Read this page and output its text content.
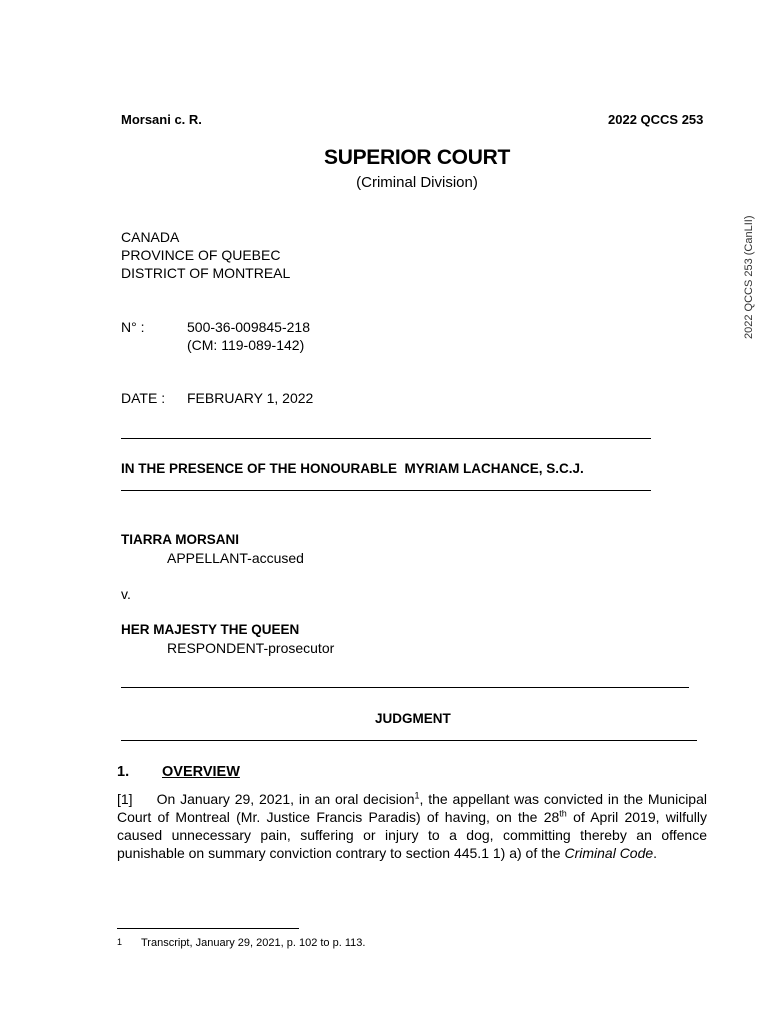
Morsani c. R.	2022 QCCS 253
2022 QCCS 253 (CanLII)
SUPERIOR COURT
(Criminal Division)
CANADA
PROVINCE OF QUEBEC
DISTRICT OF MONTREAL
N° :	500-36-009845-218
(CM: 119-089-142)
DATE : FEBRUARY 1, 2022
IN THE PRESENCE OF THE HONOURABLE  MYRIAM LACHANCE, S.C.J.
TIARRA MORSANI
APPELLANT-accused
v.
HER MAJESTY THE QUEEN
RESPONDENT-prosecutor
JUDGMENT
1. OVERVIEW
[1] On January 29, 2021, in an oral decision$^1$, the appellant was convicted in the Municipal Court of Montreal (Mr. Justice Francis Paradis) of having, on the 28th of April 2019, wilfully caused unnecessary pain, suffering or injury to a dog, committing thereby an offence punishable on summary conviction contrary to section 445.1 1) a) of the Criminal Code.
1 Transcript, January 29, 2021, p. 102 to p. 113.
